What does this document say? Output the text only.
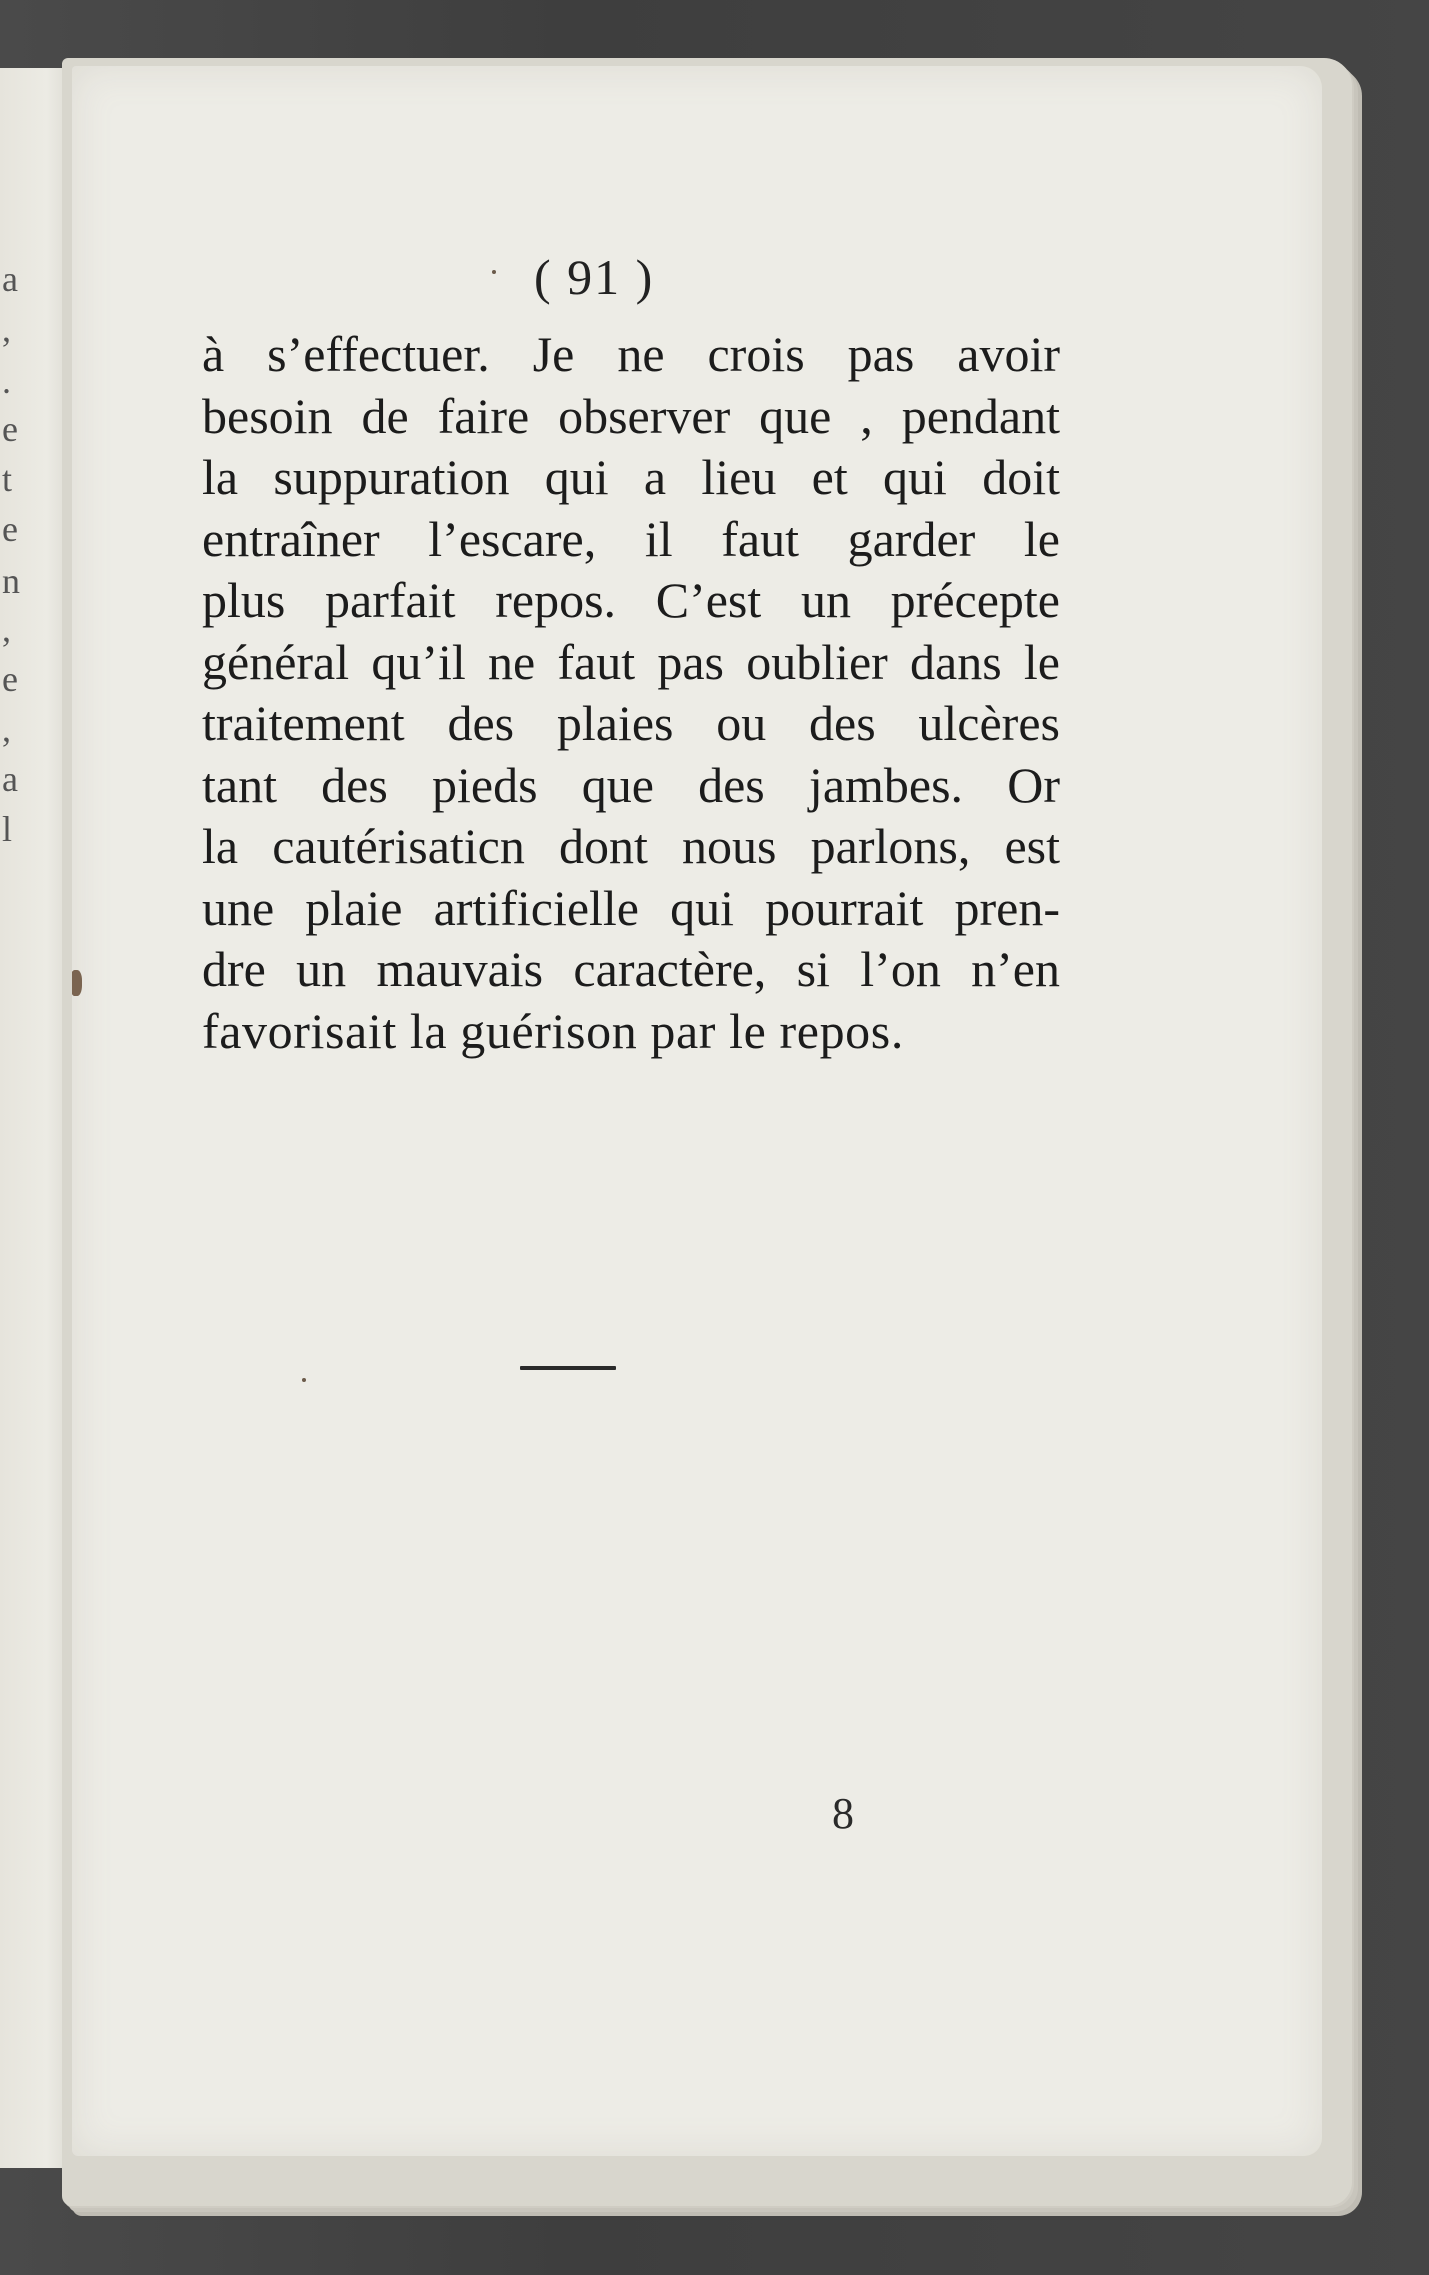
a
,
.
e
t
e
n
,
e
,
a
l
( 91 )
à s’effectuer. Je ne crois pas avoir
besoin de faire observer que , pendant
la suppuration qui a lieu et qui doit
entraîner l’escare, il faut garder le
plus parfait repos. C’est un précepte
général qu’il ne faut pas oublier dans le
traitement des plaies ou des ulcères
tant des pieds que des jambes. Or
la cautérisaticn dont nous parlons, est
une plaie artificielle qui pourrait pren-
dre un mauvais caractère, si l’on n’en
favorisait la guérison par le repos.
8
